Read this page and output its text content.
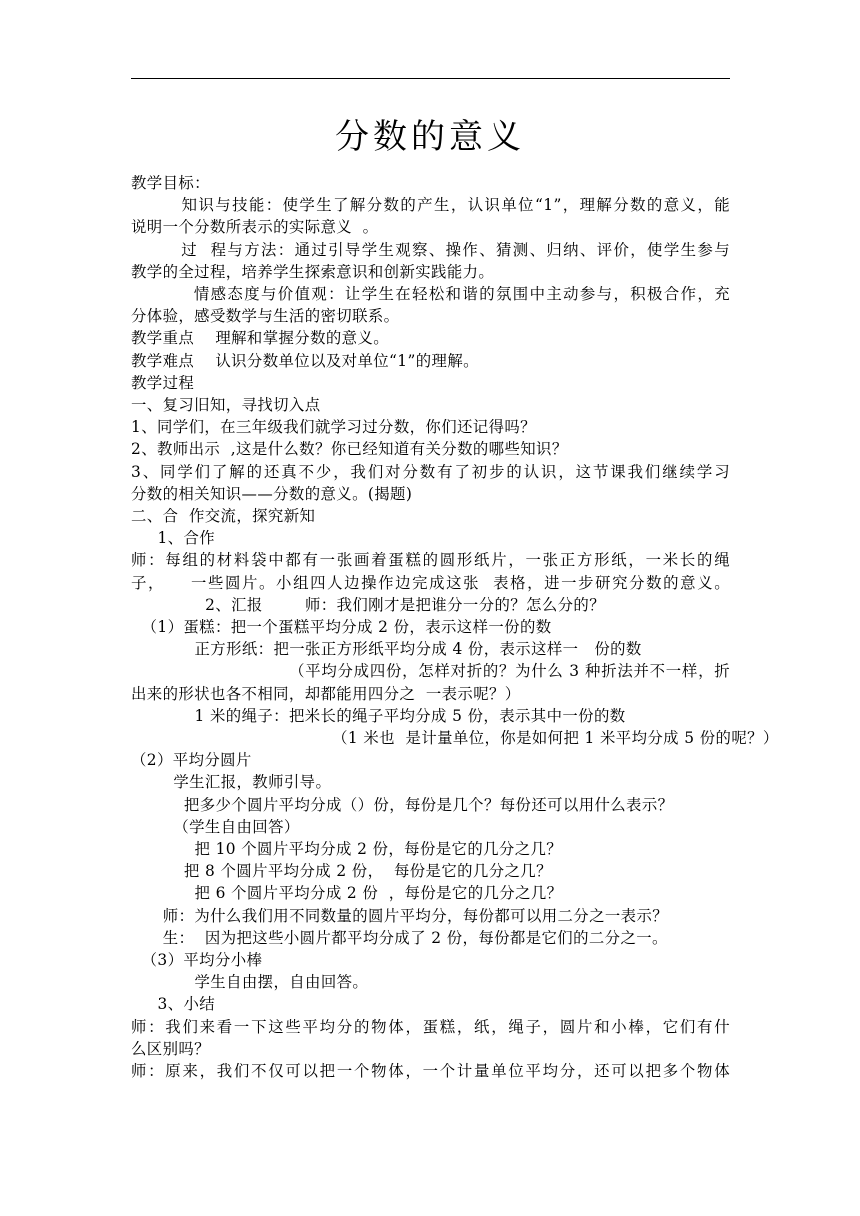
分数的意义
教学目标：
知识与技能：使学生了解分数的产生，认识单位“1”，理解分数的意义，能
说明一个分数所表示的实际意义  。
过  程与方法：通过引导学生观察、操作、猜测、归纳、评价，使学生参与
教学的全过程，培养学生探索意识和创新实践能力。
情感态度与价值观：让学生在轻松和谐的氛围中主动参与，积极合作，充
分体验，感受数学与生活的密切联系。
教学重点    理解和掌握分数的意义。
教学难点    认识分数单位以及对单位“1”的理解。
教学过程
一、复习旧知，寻找切入点
1、同学们，在三年级我们就学习过分数，你们还记得吗？
2、教师出示  ,这是什么数？你已经知道有关分数的哪些知识？
3、同学们了解的还真不少，我们对分数有了初步的认识，这节课我们继续学习
分数的相关知识——分数的意义。(揭题)
二、合  作交流，探究新知
1、合作
师：每组的材料袋中都有一张画着蛋糕的圆形纸片，一张正方形纸，一米长的绳
子，    一些圆片。小组四人边操作边完成这张  表格，进一步研究分数的意义。
2、汇报        师：我们刚才是把谁分一分的？怎么分的？
（1）蛋糕：把一个蛋糕平均分成 2 份，表示这样一份的数
正方形纸：把一张正方形纸平均分成 4 份，表示这样一   份的数
（平均分成四份，怎样对折的？为什么 3 种折法并不一样，折
出来的形状也各不相同，却都能用四分之  一表示呢？）
1 米的绳子：把米长的绳子平均分成 5 份，表示其中一份的数
（1 米也  是计量单位，你是如何把 1 米平均分成 5 份的呢？）
（2）平均分圆片
学生汇报，教师引导。
把多少个圆片平均分成（）份，每份是几个？每份还可以用什么表示？
（学生自由回答）
把 10 个圆片平均分成 2 份，每份是它的几分之几？
把 8 个圆片平均分成 2 份，  每份是它的几分之几？
把 6 个圆片平均分成 2 份  ，每份是它的几分之几？
师：为什么我们用不同数量的圆片平均分，每份都可以用二分之一表示？
生：  因为把这些小圆片都平均分成了 2 份，每份都是它们的二分之一。
（3）平均分小棒
学生自由摆，自由回答。
3、小结
师：我们来看一下这些平均分的物体，蛋糕，纸，绳子，圆片和小棒，它们有什
么区别吗？
师：原来，我们不仅可以把一个物体，一个计量单位平均分，还可以把多个物体
